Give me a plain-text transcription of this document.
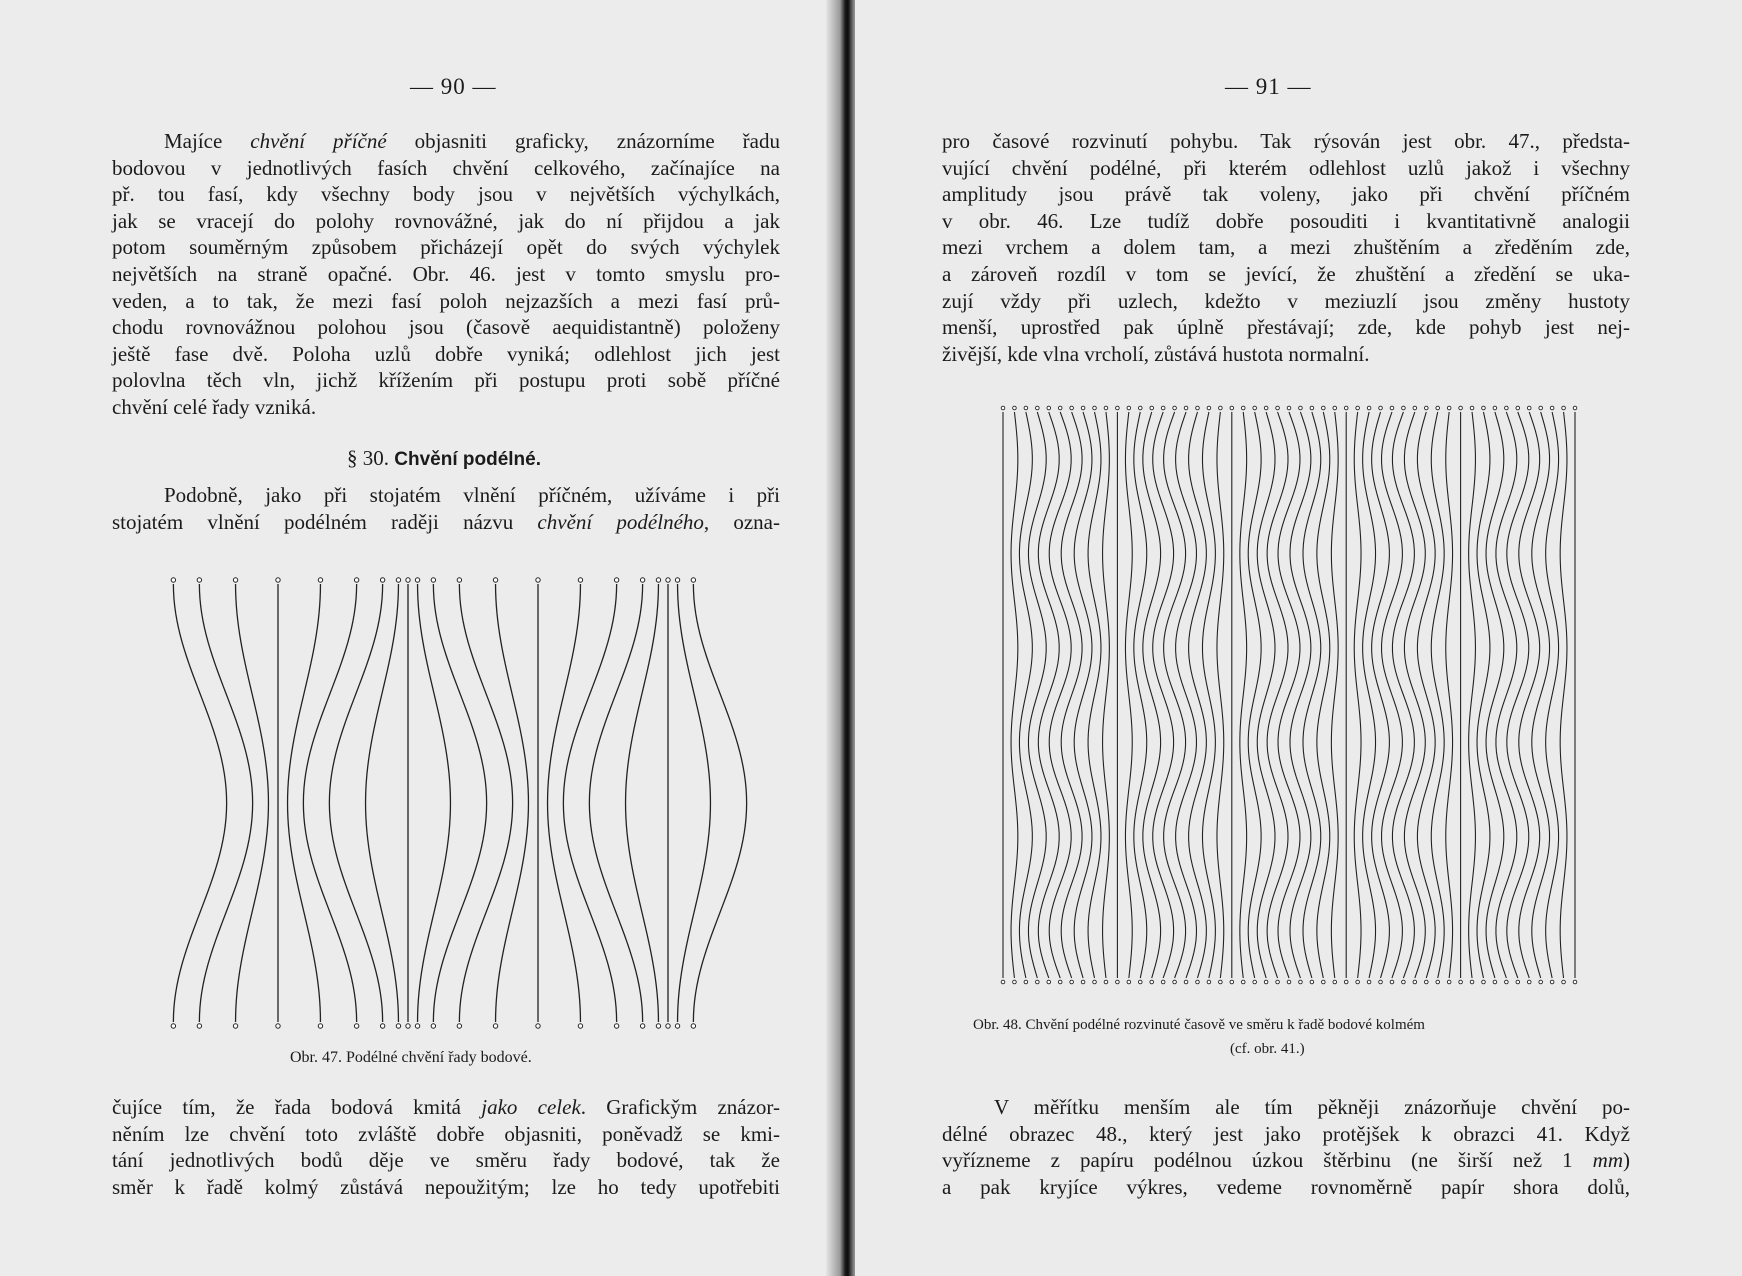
— 90 —
Majíce chvění příčné objasniti graficky, znázorníme řadu
bodovou v jednotlivých fasích chvění celkového, začínajíce na
př. tou fasí, kdy všechny body jsou v největších výchylkách,
jak se vracejí do polohy rovnovážné, jak do ní přijdou a jak
potom souměrným způsobem přicházejí opět do svých výchylek
největších na straně opačné. Obr. 46. jest v tomto smyslu pro-
veden, a to tak, že mezi fasí poloh nejzazších a mezi fasí prů-
chodu rovnovážnou polohou jsou (časově aequidistantně) položeny
ještě fase dvě. Poloha uzlů dobře vyniká; odlehlost jich jest
polovlna těch vln, jichž křížením při postupu proti sobě příčné
chvění celé řady vzniká.
§ 30. Chvění podélné.
Podobně, jako při stojatém vlnění příčném, užíváme i při
stojatém vlnění podélném raději názvu chvění podélného, ozna-
Obr. 47. Podélné chvění řady bodové.
čujíce tím, že řada bodová kmitá jako celek. Graficky̌m znázor-
něním lze chvění toto zvláště dobře objasniti, poněvadž se kmi-
tání jednotlivých bodů děje ve směru řady bodové, tak že
směr k řadě kolmý zůstává nepoužitým; lze ho tedy upotřebiti
— 91 —
pro časové rozvinutí pohybu. Tak rýsován jest obr. 47., předsta-
vující chvění podélné, při kterém odlehlost uzlů jakož i všechny
amplitudy jsou právě tak voleny, jako při chvění příčném
v obr. 46. Lze tudíž dobře posouditi i kvantitativně analogii
mezi vrchem a dolem tam, a mezi zhuštěním a zředěním zde,
a zároveň rozdíl v tom se jevící, že zhuštění a zředění se uka-
zují vždy při uzlech, kdežto v meziuzlí jsou změny hustoty
menší, uprostřed pak úplně přestávají; zde, kde pohyb jest nej-
živější, kde vlna vrcholí, zůstává hustota normalní.
Obr. 48. Chvění podélné rozvinuté časově ve směru k řadě bodové kolmém
(cf. obr. 41.)
V měřítku menším ale tím pěkněji znázorňuje chvění po-
délné obrazec 48., který jest jako protějšek k obrazci 41. Když
vyřízneme z papíru podélnou úzkou štěrbinu (ne širší než 1 mm)
a pak kryjíce výkres, vedeme rovnoměrně papír shora dolů,
